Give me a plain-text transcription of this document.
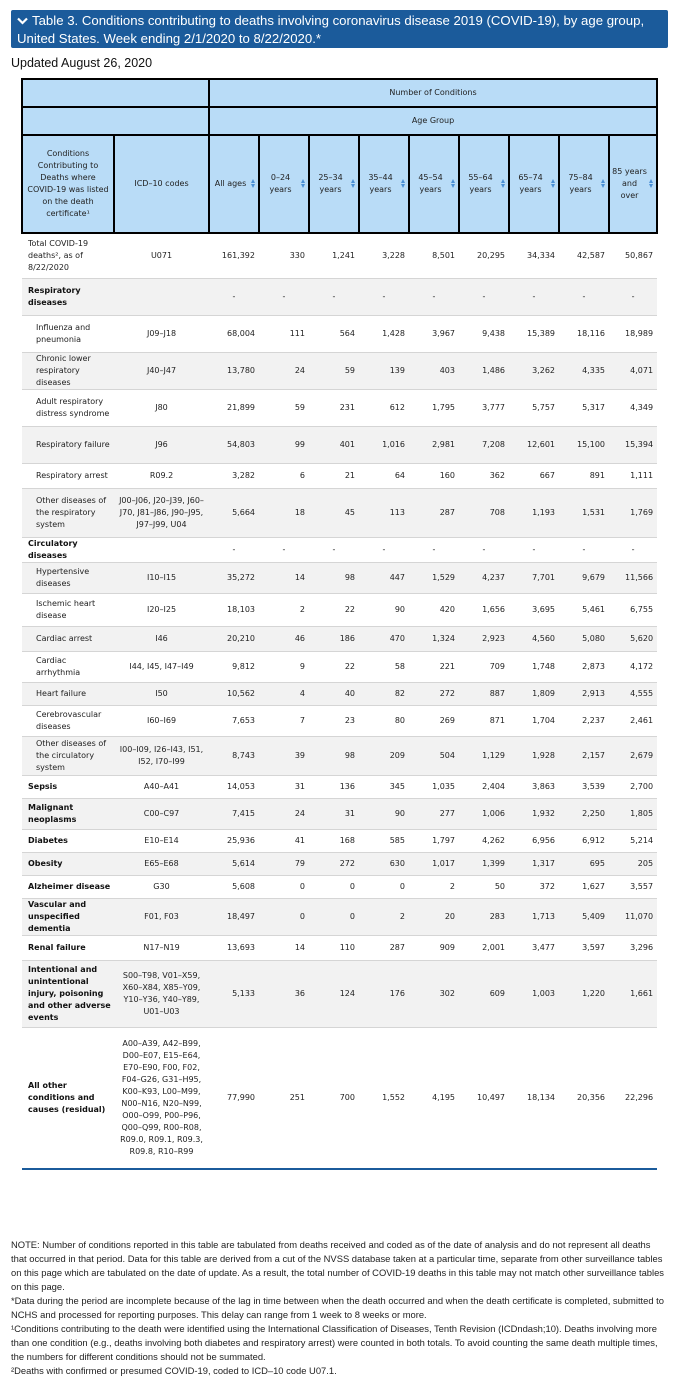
Table 3. Conditions contributing to deaths involving coronavirus disease 2019 (COVID-19), by age group, United States. Week ending 2/1/2020 to 8/22/2020.*
Updated August 26, 2020
		Number of Conditions								
		Age Group								
Conditions Contributing to Deaths where COVID-19 was listed on the death certificate¹	ICD–10 codes	All ages	0–24 years	25–34 years	35–44 years	45–54 years	55–64 years	65–74 years	75–84 years	85 years and over

Total COVID-19 deaths², as of 8/22/2020	U071	161,392	330	1,241	3,228	8,501	20,295	34,334	42,587	50,867
Respiratory diseases		-	-	-	-	-	-	-	-	-
Influenza and pneumonia	J09–J18	68,004	111	564	1,428	3,967	9,438	15,389	18,116	18,989
Chronic lower respiratory diseases	J40–J47	13,780	24	59	139	403	1,486	3,262	4,335	4,071
Adult respiratory distress syndrome	J80	21,899	59	231	612	1,795	3,777	5,757	5,317	4,349
Respiratory failure	J96	54,803	99	401	1,016	2,981	7,208	12,601	15,100	15,394
Respiratory arrest	R09.2	3,282	6	21	64	160	362	667	891	1,111
Other diseases of the respiratory system	J00–J06, J20–J39, J60–J70, J81–J86, J90–J95, J97–J99, U04	5,664	18	45	113	287	708	1,193	1,531	1,769
Circulatory diseases		-	-	-	-	-	-	-	-	-
Hypertensive diseases	I10–I15	35,272	14	98	447	1,529	4,237	7,701	9,679	11,566
Ischemic heart disease	I20–I25	18,103	2	22	90	420	1,656	3,695	5,461	6,755
Cardiac arrest	I46	20,210	46	186	470	1,324	2,923	4,560	5,080	5,620
Cardiac arrhythmia	I44, I45, I47–I49	9,812	9	22	58	221	709	1,748	2,873	4,172
Heart failure	I50	10,562	4	40	82	272	887	1,809	2,913	4,555
Cerebrovascular diseases	I60–I69	7,653	7	23	80	269	871	1,704	2,237	2,461
Other diseases of the circulatory system	I00–I09, I26–I43, I51, I52, I70–I99	8,743	39	98	209	504	1,129	1,928	2,157	2,679
Sepsis	A40–A41	14,053	31	136	345	1,035	2,404	3,863	3,539	2,700
Malignant neoplasms	C00–C97	7,415	24	31	90	277	1,006	1,932	2,250	1,805
Diabetes	E10–E14	25,936	41	168	585	1,797	4,262	6,956	6,912	5,214
Obesity	E65–E68	5,614	79	272	630	1,017	1,399	1,317	695	205
Alzheimer disease	G30	5,608	0	0	0	2	50	372	1,627	3,557
Vascular and unspecified dementia	F01, F03	18,497	0	0	2	20	283	1,713	5,409	11,070
Renal failure	N17–N19	13,693	14	110	287	909	2,001	3,477	3,597	3,296
Intentional and unintentional injury, poisoning and other adverse events	S00–T98, V01–X59, X60–X84, X85–Y09, Y10–Y36, Y40–Y89, U01–U03	5,133	36	124	176	302	609	1,003	1,220	1,661
All other conditions and causes (residual)	A00–A39, A42–B99, D00–E07, E15–E64, E70–E90, F00, F02, F04–G26, G31–H95, K00–K93, L00–M99, N00–N16, N20–N99, O00–O99, P00–P96, Q00–Q99, R00–R08, R09.0, R09.1, R09.3, R09.8, R10–R99	77,990	251	700	1,552	4,195	10,497	18,134	20,356	22,296

NOTE: Number of conditions reported in this table are tabulated from deaths received and coded as of the date of analysis and do not represent all deaths that occurred in that period. Data for this table are derived from a cut of the NVSS database taken at a particular time, separate from other surveillance tables on this page which are tabulated on the date of update. As a result, the total number of COVID-19 deaths in this table may not match other surveillance tables on this page.

*Data during the period are incomplete because of the lag in time between when the death occurred and when the death certificate is completed, submitted to NCHS and processed for reporting purposes. This delay can range from 1 week to 8 weeks or more.

¹Conditions contributing to the death were identified using the International Classification of Diseases, Tenth Revision (ICDndash;10). Deaths involving more than one condition (e.g., deaths involving both diabetes and respiratory arrest) were counted in both totals. To avoid counting the same death multiple times, the numbers for different conditions should not be summated.

²Deaths with confirmed or presumed COVID-19, coded to ICD–10 code U07.1.
